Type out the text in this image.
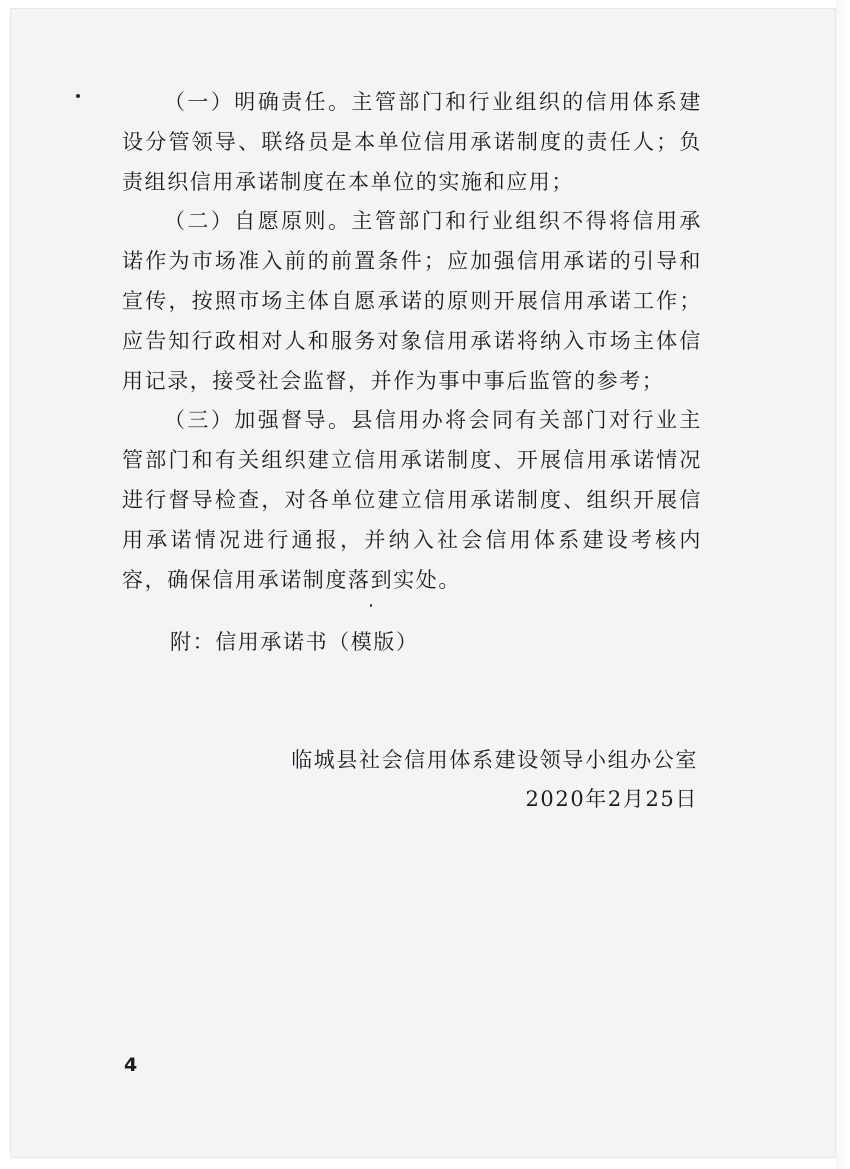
（一）明确责任。主管部门和行业组织的信用体系建设分管领导、联络员是本单位信用承诺制度的责任人；负责组织信用承诺制度在本单位的实施和应用；

（二）自愿原则。主管部门和行业组织不得将信用承诺作为市场准入前的前置条件；应加强信用承诺的引导和宣传，按照市场主体自愿承诺的原则开展信用承诺工作；应告知行政相对人和服务对象信用承诺将纳入市场主体信用记录，接受社会监督，并作为事中事后监管的参考；

（三）加强督导。县信用办将会同有关部门对行业主管部门和有关组织建立信用承诺制度、开展信用承诺情况进行督导检查，对各单位建立信用承诺制度、组织开展信用承诺情况进行通报，并纳入社会信用体系建设考核内容，确保信用承诺制度落到实处。

附：信用承诺书（模版）
临城县社会信用体系建设领导小组办公室
2020年2月25日
4
